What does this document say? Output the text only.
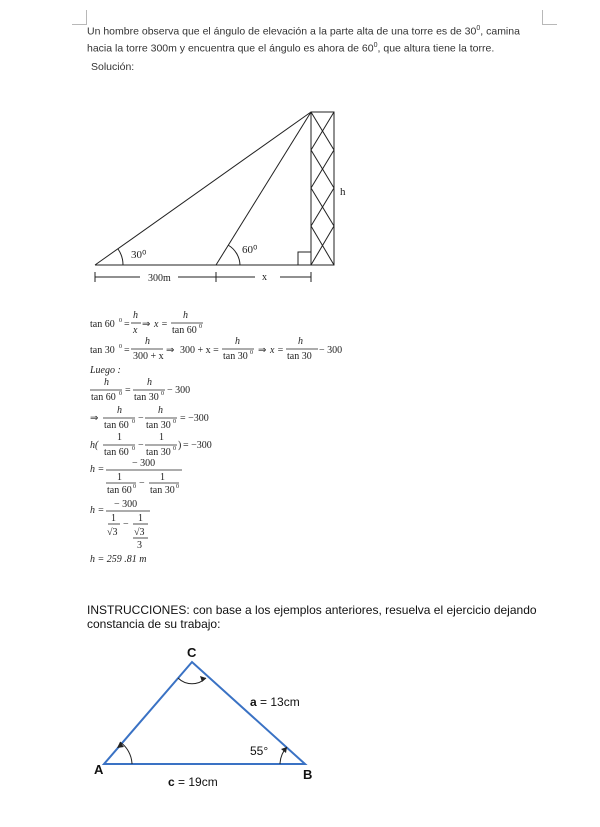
Un hombre observa que el ángulo de elevación a la parte alta de una torre es de $30^0$, camina hacia la torre 300m y encuentra que el ángulo es ahora de $60^0$, que altura tiene la torre.
Solución:
30⁰	60⁰
h
300m	x
tan 60 0 =
h
x
⇒ x =
h
tan 60 0
tan 30 0 =
h
300 + x
⇒ 300 + x =
h
tan 30 0 ⇒ x =
h
tan 30
− 300
Luego :
h
tan 60 0 =
h
tan 30 0 − 300
⇒
h
tan 60 0 −
h
tan 30 0 = −300
h(
1
tan 60 0 −
1
tan 30 0 ) = −300
h =
− 300
1
tan 60 0 −
1
tan 30 0
h =
− 300
1
√3
−
1
√3
3
h = 259 .81 m
INSTRUCCIONES: con base a los ejemplos anteriores, resuelva el ejercicio dejando constancia de su trabajo:
C
A	B
a = 13cm
c = 19cm
55°
